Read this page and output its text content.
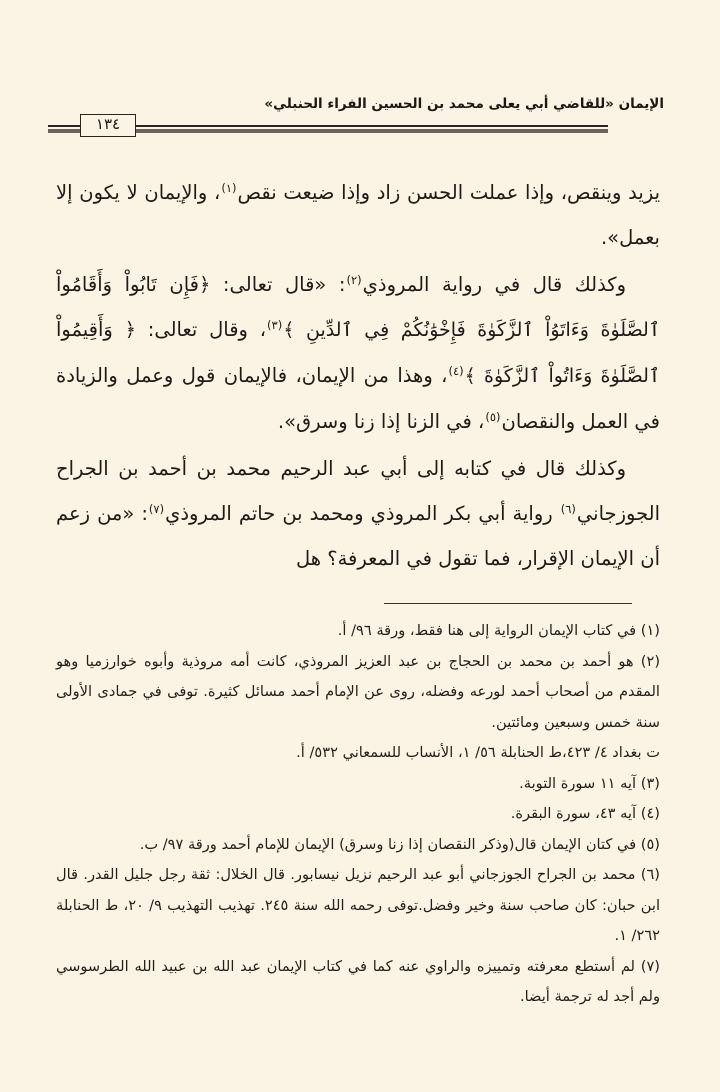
الإيمان «للقاضي أبي يعلى محمد بن الحسين الفراء الحنبلي»
١٣٤

يزيد وينقص، وإذا عملت الحسن زاد وإذا ضيعت نقص$^{(١)}$، والإيمان لا يكون إلا بعمل».

وكذلك قال في رواية المروذي$^{(٢)}$: «قال تعالى: ﴿فَإِن تَابُواْ وَأَقَامُواْ ٱلصَّلَوٰةَ وَءَاتَوُاْ ٱلزَّكَوٰةَ فَإِخْوَٰنُكُمْ فِي ٱلدِّينِ ﴾$^{(٣)}$، وقال تعالى: ﴿ وَأَقِيمُواْ ٱلصَّلَوٰةَ وَءَاتُواْ ٱلزَّكَوٰةَ ﴾$^{(٤)}$، وهذا من الإيمان، فالإيمان قول وعمل والزيادة في العمل والنقصان$^{(٥)}$، في الزنا إذا زنا وسرق».

وكذلك قال في كتابه إلى أبي عبد الرحيم محمد بن أحمد بن الجراح الجوزجاني$^{(٦)}$ رواية أبي بكر المروذي ومحمد بن حاتم المروذي$^{(٧)}$: «من زعم أن الإيمان الإقرار، فما تقول في المعرفة؟ هل

(١) في كتاب الإيمان الرواية إلى هنا فقط، ورقة ٩٦/ أ.

(٢) هو أحمد بن محمد بن الحجاج بن عبد العزيز المروذي، كانت أمه مروذية وأبوه خوارزميا وهو المقدم من أصحاب أحمد لورعه وفضله، روى عن الإمام أحمد مسائل كثيرة. توفى في جمادى الأولى سنة خمس وسبعين ومائتين.

ت بغداد ٤/ ٤٢٣،ط الحنابلة ٥٦/ ١، الأنساب للسمعاني ٥٣٢/ أ.

(٣) آيه ١١ سورة التوبة.

(٤) آيه ٤٣، سورة البقرة.

(٥) في كتان الإيمان قال(وذكر النقصان إذا زنا وسرق) الإيمان للإمام أحمد ورقة ٩٧/ ب.

(٦) محمد بن الجراح الجوزجاني أبو عبد الرحيم نزيل نيسابور. قال الخلال: ثقة رجل جليل القدر. قال ابن حبان: كان صاحب سنة وخير وفضل.توفى رحمه الله سنة ٢٤٥. تهذيب التهذيب ٩/ ٢٠، ط الحنابلة ٢٦٢/ ١.

(٧) لم أستطع معرفته وتمييزه والراوي عنه كما في كتاب الإيمان عبد الله بن عبيد الله الطرسوسي ولم أجد له ترجمة أيضا.
